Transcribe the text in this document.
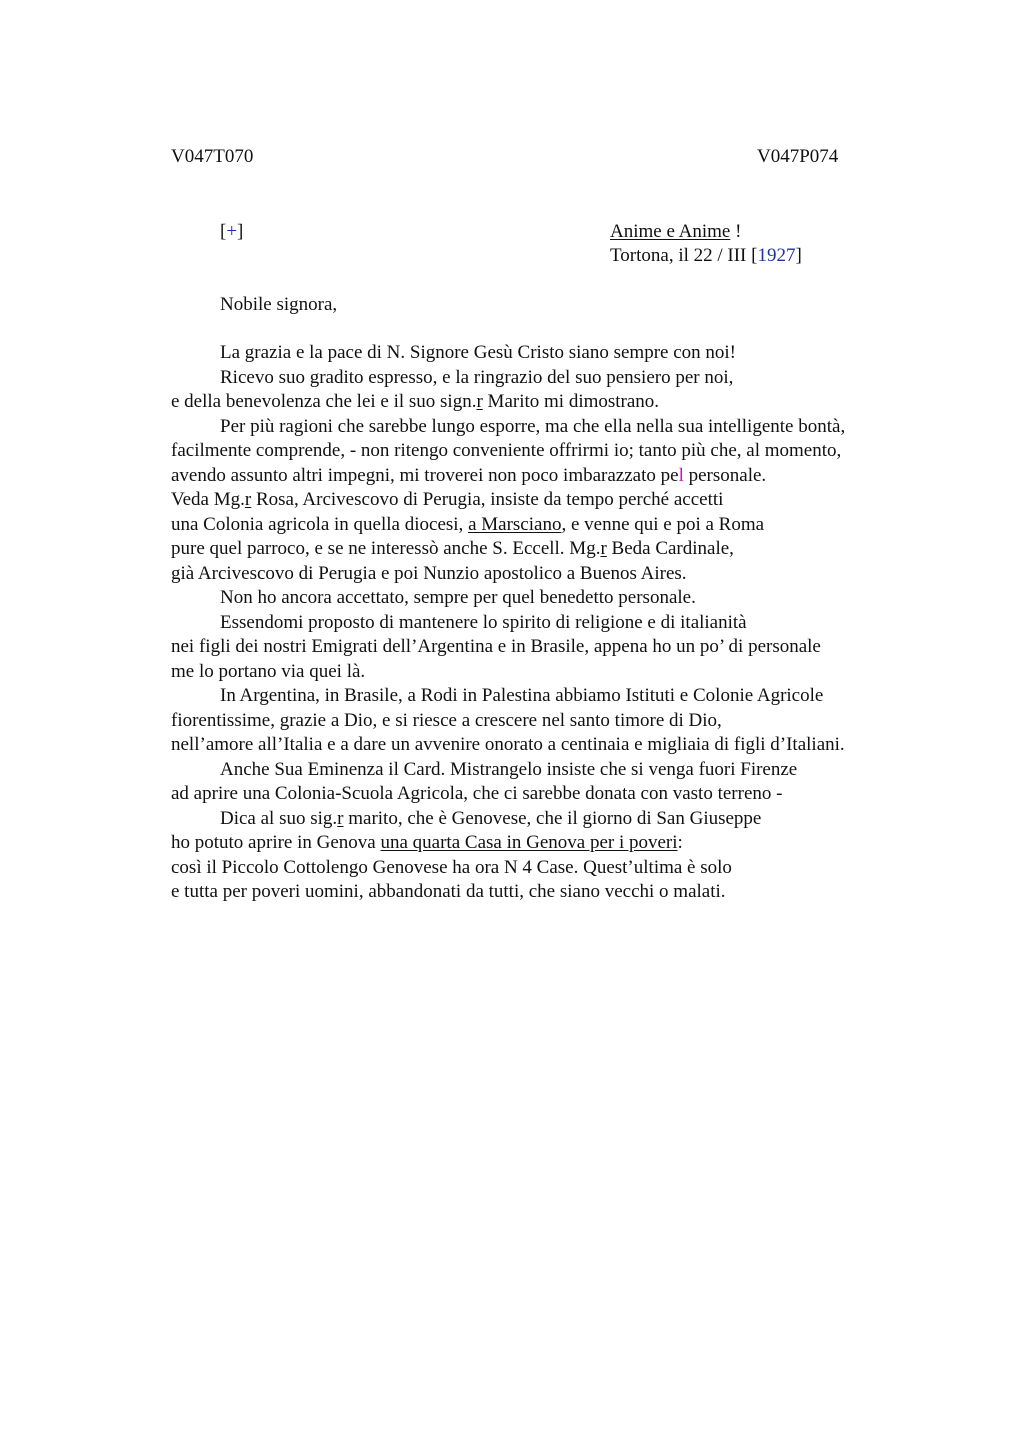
V047T070	V047P074
[+]	Anime e Anime !
Tortona, il 22 / III [1927]
Nobile signora,
La grazia e la pace di N. Signore Gesù Cristo siano sempre con noi!
Ricevo suo gradito espresso, e la ringrazio del suo pensiero per noi,
e della benevolenza che lei e il suo sign.r Marito mi dimostrano.
Per più ragioni che sarebbe lungo esporre, ma che ella nella sua intelligente bontà,
facilmente comprende, - non ritengo conveniente offrirmi io; tanto più che, al momento,
avendo assunto altri impegni, mi troverei non poco imbarazzato pel personale.
Veda Mg.r Rosa, Arcivescovo di Perugia, insiste da tempo perché accetti
una Colonia agricola in quella diocesi, a Marsciano, e venne qui e poi a Roma
pure quel parroco, e se ne interessò anche S. Eccell. Mg.r Beda Cardinale,
già Arcivescovo di Perugia e poi Nunzio apostolico a Buenos Aires.
Non ho ancora accettato, sempre per quel benedetto personale.
Essendomi proposto di mantenere lo spirito di religione e di italianità
nei figli dei nostri Emigrati dell’Argentina e in Brasile, appena ho un po’ di personale
me lo portano via quei là.
In Argentina, in Brasile, a Rodi in Palestina abbiamo Istituti e Colonie Agricole
fiorentissime, grazie a Dio, e si riesce a crescere nel santo timore di Dio,
nell’amore all’Italia e a dare un avvenire onorato a centinaia e migliaia di figli d’Italiani.
Anche Sua Eminenza il Card. Mistrangelo insiste che si venga fuori Firenze
ad aprire una Colonia-Scuola Agricola, che ci sarebbe donata con vasto terreno -
Dica al suo sig.r marito, che è Genovese, che il giorno di San Giuseppe
ho potuto aprire in Genova una quarta Casa in Genova per i poveri:
così il Piccolo Cottolengo Genovese ha ora N 4 Case. Quest’ultima è solo
e tutta per poveri uomini, abbandonati da tutti, che siano vecchi o malati.
